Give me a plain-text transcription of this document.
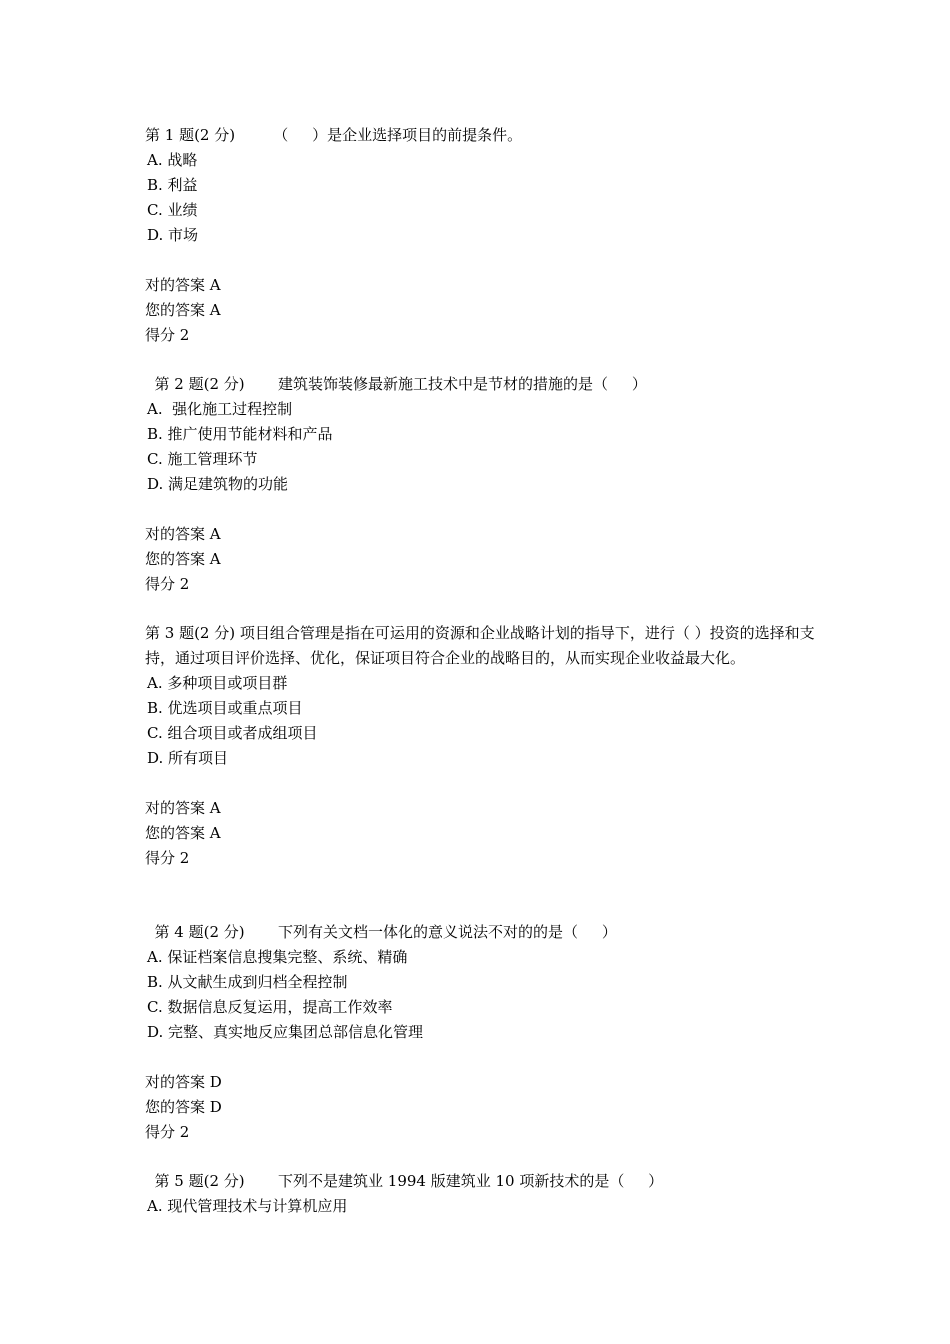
第 1 题(2 分)        （     ）是企业选择项目的前提条件。
A. 战略
B. 利益
C. 业绩
D. 市场
对的答案 A
您的答案 A
得分 2
第 2 题(2 分)       建筑装饰装修最新施工技术中是节材的措施的是（     ）
A.  强化施工过程控制
B. 推广使用节能材料和产品
C. 施工管理环节
D. 满足建筑物的功能
对的答案 A
您的答案 A
得分 2
第 3 题(2 分) 项目组合管理是指在可运用的资源和企业战略计划的指导下，进行（ ）投资的选择和支持，通过项目评价选择、优化，保证项目符合企业的战略目的，从而实现企业收益最大化。
A. 多种项目或项目群
B. 优选项目或重点项目
C. 组合项目或者成组项目
D. 所有项目
对的答案 A
您的答案 A
得分 2
第 4 题(2 分)       下列有关文档一体化的意义说法不对的的是（     ）
A. 保证档案信息搜集完整、系统、精确
B. 从文献生成到归档全程控制
C. 数据信息反复运用，提高工作效率
D. 完整、真实地反应集团总部信息化管理
对的答案 D
您的答案 D
得分 2
第 5 题(2 分)       下列不是建筑业 1994 版建筑业 10 项新技术的是（     ）
A. 现代管理技术与计算机应用
